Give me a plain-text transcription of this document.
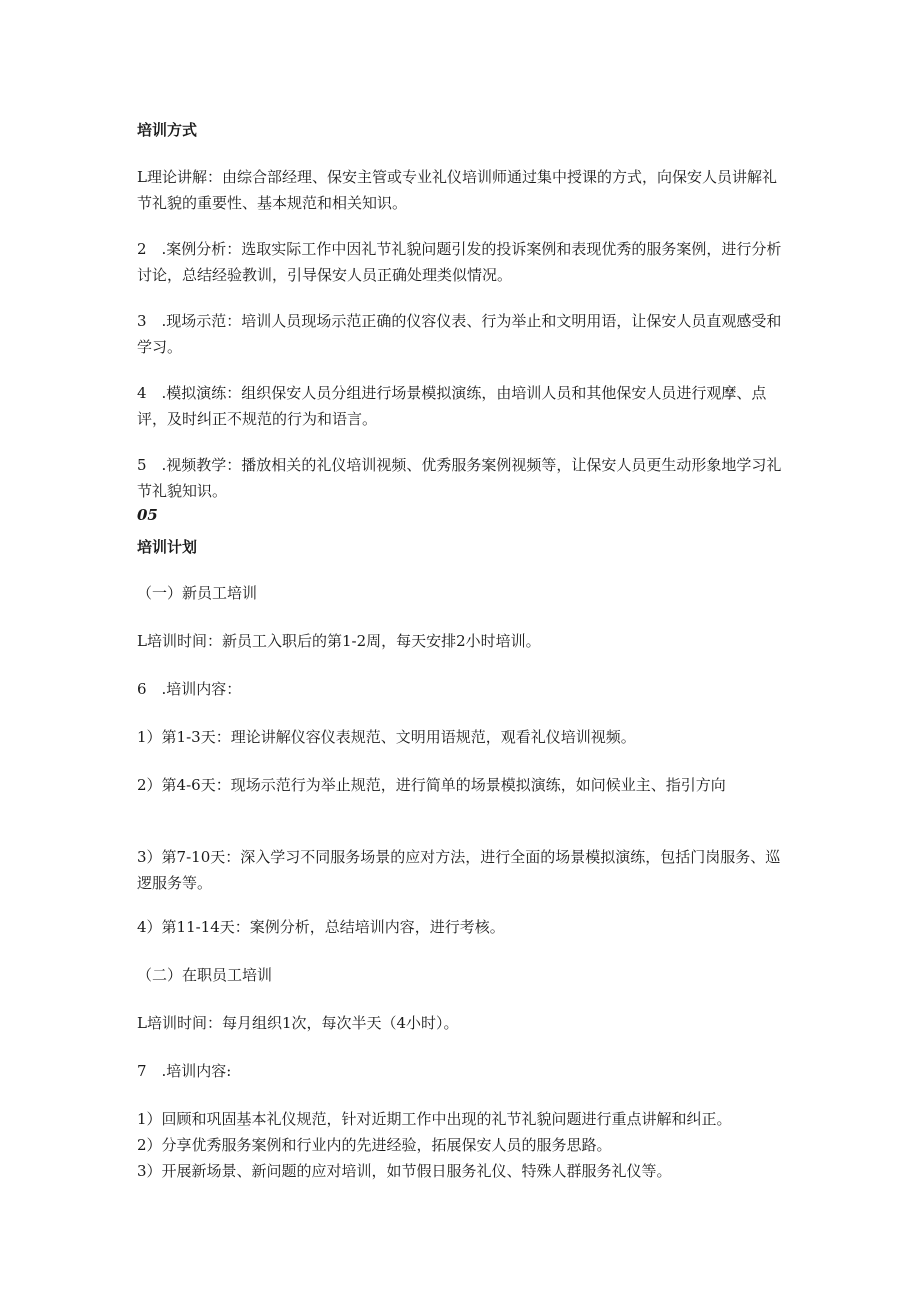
培训方式
L理论讲解：由综合部经理、保安主管或专业礼仪培训师通过集中授课的方式，向保安人员讲解礼节礼貌的重要性、基本规范和相关知识。
2　.案例分析：选取实际工作中因礼节礼貌问题引发的投诉案例和表现优秀的服务案例，进行分析讨论，总结经验教训，引导保安人员正确处理类似情况。
3　.现场示范：培训人员现场示范正确的仪容仪表、行为举止和文明用语，让保安人员直观感受和学习。
4　.模拟演练：组织保安人员分组进行场景模拟演练，由培训人员和其他保安人员进行观摩、点评，及时纠正不规范的行为和语言。
5　.视频教学：播放相关的礼仪培训视频、优秀服务案例视频等，让保安人员更生动形象地学习礼节礼貌知识。
05
培训计划
（一）新员工培训
L培训时间：新员工入职后的第1-2周，每天安排2小时培训。
6　.培训内容：
1）第1-3天：理论讲解仪容仪表规范、文明用语规范，观看礼仪培训视频。
2）第4-6天：现场示范行为举止规范，进行简单的场景模拟演练，如问候业主、指引方向
3）第7-10天：深入学习不同服务场景的应对方法，进行全面的场景模拟演练，包括门岗服务、巡逻服务等。
4）第11-14天：案例分析，总结培训内容，进行考核。
（二）在职员工培训
L培训时间：每月组织1次，每次半天（4小时）。
7　.培训内容:
1）回顾和巩固基本礼仪规范，针对近期工作中出现的礼节礼貌问题进行重点讲解和纠正。
2）分享优秀服务案例和行业内的先进经验，拓展保安人员的服务思路。
3）开展新场景、新问题的应对培训，如节假日服务礼仪、特殊人群服务礼仪等。
